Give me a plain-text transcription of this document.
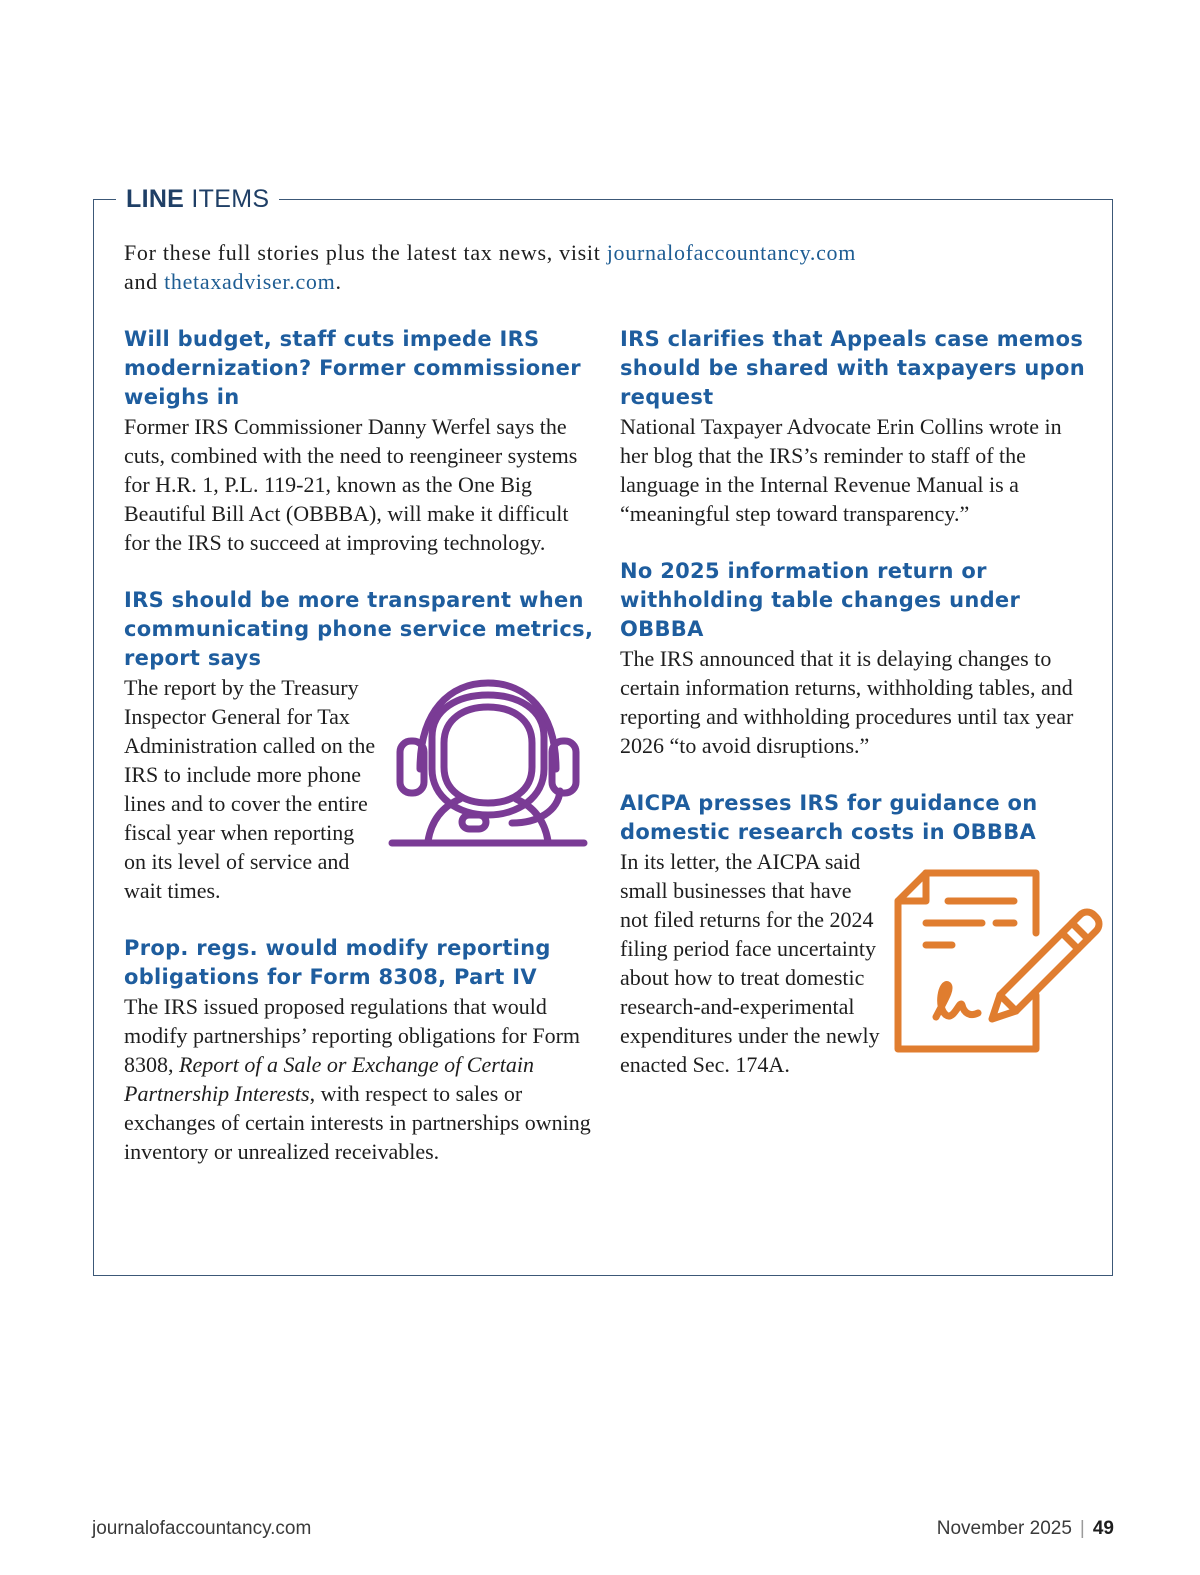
LINE ITEMS
For these full stories plus the latest tax news, visit journalofaccountancy.com
and thetaxadviser.com.
Will budget, staff cuts impede IRS modernization? Former commissioner weighs in
Former IRS Commissioner Danny Werfel says the cuts, combined with the need to reengineer systems for H.R. 1, P.L. 119-21, known as the One Big Beautiful Bill Act (OBBBA), will make it difficult for the IRS to succeed at improving technology.
IRS should be more transparent when communicating phone service metrics, report says
The report by the Treasury Inspector General for Tax Administration called on the IRS to include more phone lines and to cover the entire fiscal year when reporting on its level of service and wait times.
Prop. regs. would modify reporting obligations for Form 8308, Part IV
The IRS issued proposed regulations that would modify partnerships’ reporting obligations for Form 8308, Report of a Sale or Exchange of Certain Partnership Interests, with respect to sales or exchanges of certain interests in partnerships owning inventory or unrealized receivables.
IRS clarifies that Appeals case memos should be shared with taxpayers upon request
National Taxpayer Advocate Erin Collins wrote in her blog that the IRS’s reminder to staff of the language in the Internal Revenue Manual is a “meaningful step toward transparency.”
No 2025 information return or withholding table changes under OBBBA
The IRS announced that it is delaying changes to certain information returns, withholding tables, and reporting and withholding procedures until tax year 2026 “to avoid disruptions.”
AICPA presses IRS for guidance on domestic research costs in OBBBA
In its letter, the AICPA said small businesses that have not filed returns for the 2024 filing period face uncertainty about how to treat domestic research-and-experimental expenditures under the newly enacted Sec. 174A.
journalofaccountancy.com	November 2025 | 49
